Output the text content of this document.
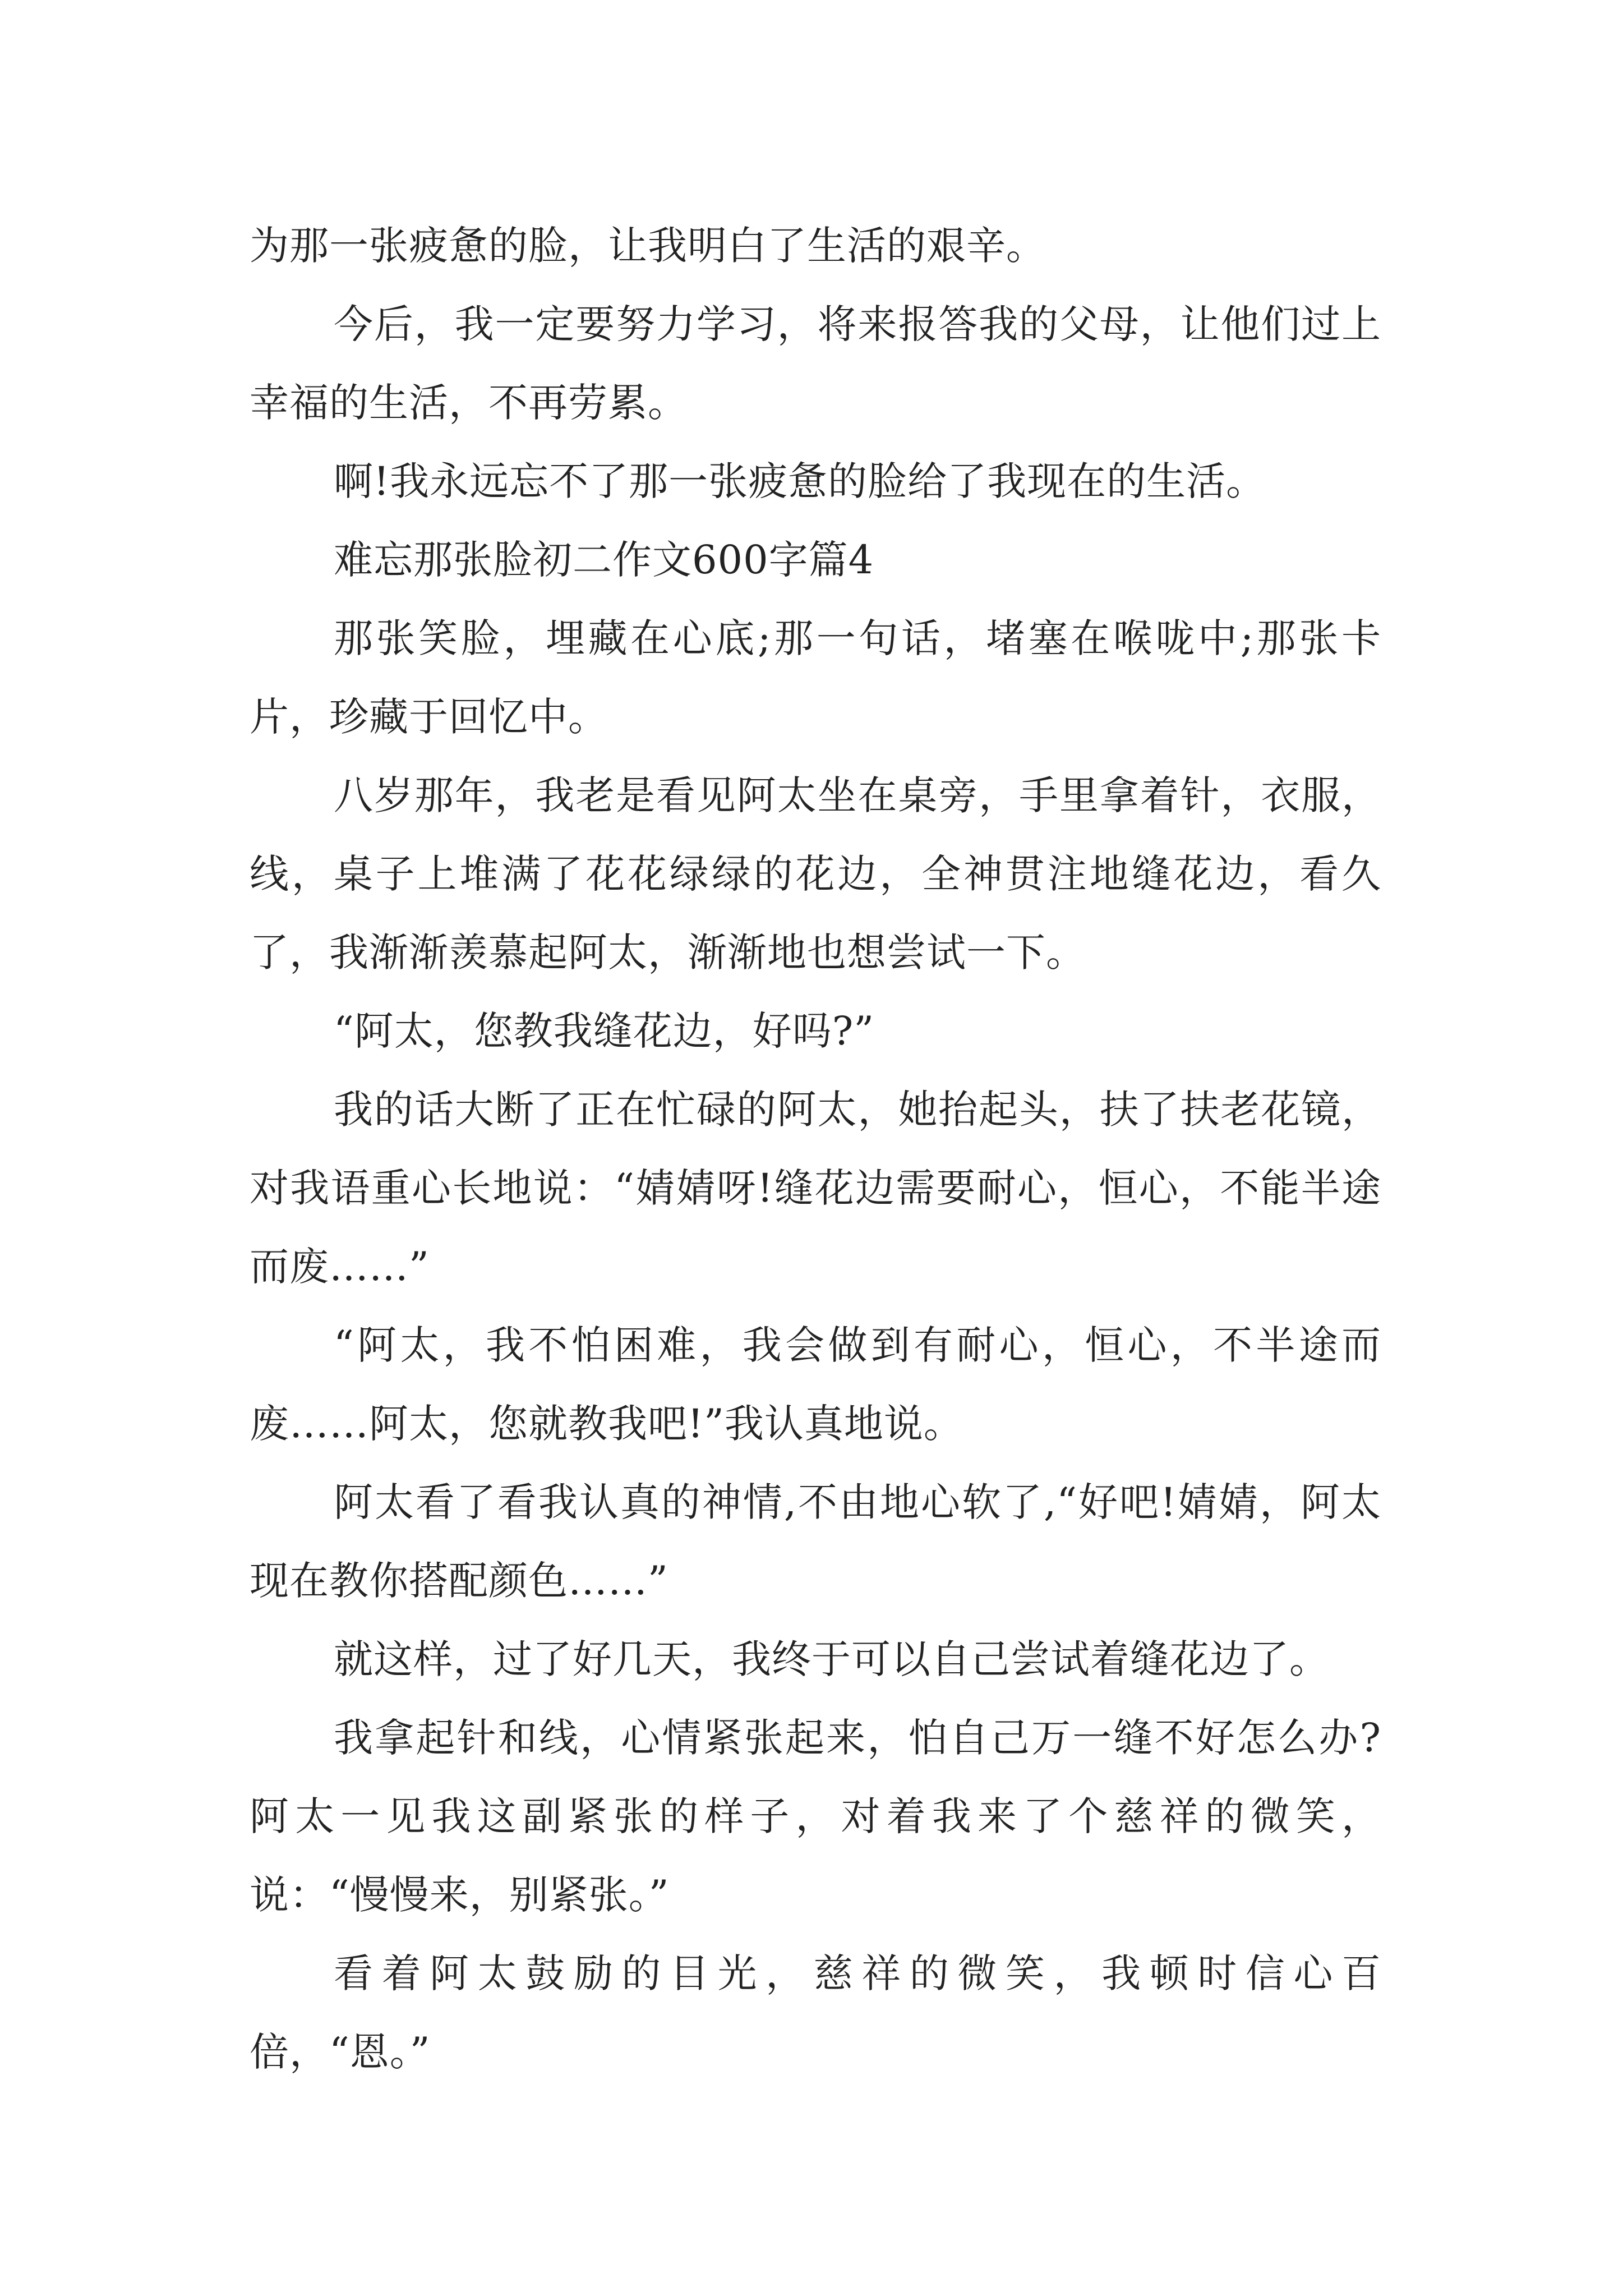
为那一张疲惫的脸，让我明白了生活的艰辛。

今后，我一定要努力学习，将来报答我的父母，让他们过上幸福的生活，不再劳累。

啊!我永远忘不了那一张疲惫的脸给了我现在的生活。

难忘那张脸初二作文600字篇4

那张笑脸，埋藏在心底;那一句话，堵塞在喉咙中;那张卡片，珍藏于回忆中。

八岁那年，我老是看见阿太坐在桌旁，手里拿着针，衣服，线，桌子上堆满了花花绿绿的花边，全神贯注地缝花边，看久了，我渐渐羡慕起阿太，渐渐地也想尝试一下。

“阿太，您教我缝花边，好吗?”

我的话大断了正在忙碌的阿太，她抬起头，扶了扶老花镜，对我语重心长地说：“婧婧呀!缝花边需要耐心，恒心，不能半途而废……”

“阿太，我不怕困难，我会做到有耐心，恒心，不半途而废……阿太，您就教我吧!”我认真地说。

阿太看了看我认真的神情,不由地心软了,“好吧!婧婧，阿太现在教你搭配颜色……”

就这样，过了好几天，我终于可以自己尝试着缝花边了。

我拿起针和线，心情紧张起来，怕自己万一缝不好怎么办?阿太一见我这副紧张的样子，对着我来了个慈祥的微笑，说：“慢慢来，别紧张。”

看着阿太鼓励的目光，慈祥的微笑，我顿时信心百倍，“恩。”
